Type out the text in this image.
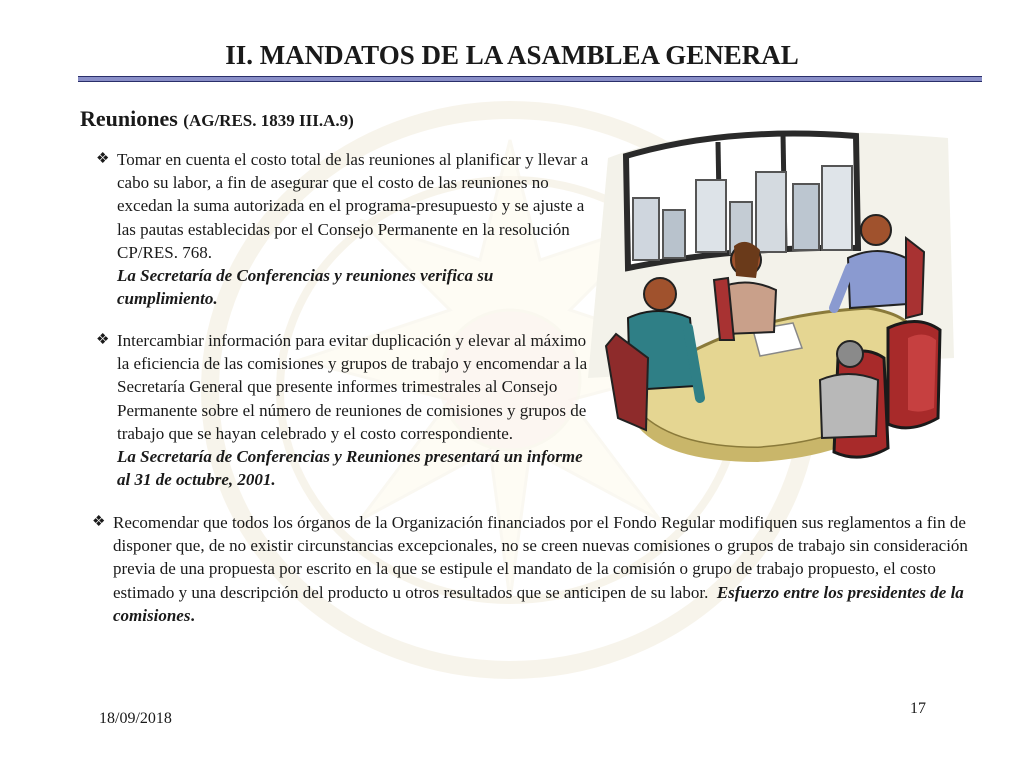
II. MANDATOS DE LA ASAMBLEA GENERAL
Reuniones (AG/RES. 1839 III.A.9)
❖ Tomar en cuenta el costo total de las reuniones al planificar y llevar a cabo su labor, a fin de asegurar que el costo de las reuniones no excedan la suma autorizada en el programa-presupuesto y se ajuste a las pautas establecidas por el Consejo Permanente en la resolución CP/RES. 768.
La Secretaría de Conferencias y reuniones verifica su cumplimiento.
❖ Intercambiar información para evitar duplicación y elevar al máximo la eficiencia de las comisiones y grupos de trabajo y encomendar a la Secretaría General que presente informes trimestrales al Consejo Permanente sobre el número de reuniones de comisiones y grupos de trabajo que se hayan celebrado y el costo correspondiente.
La Secretaría de Conferencias y Reuniones presentará un informe al 31 de octubre, 2001.
❖ Recomendar que todos los órganos de la Organización financiados por el Fondo Regular modifiquen sus reglamentos a fin de disponer que, de no existir circunstancias excepcionales, no se creen nuevas comisiones o grupos de trabajo sin consideración previa de una propuesta por escrito en la que se estipule el mandato de la comisión o grupo de trabajo propuesto, el costo estimado y una descripción del producto u otros resultados que se anticipen de su labor. Esfuerzo entre los presidentes de la comisiones.
18/09/2018
17
